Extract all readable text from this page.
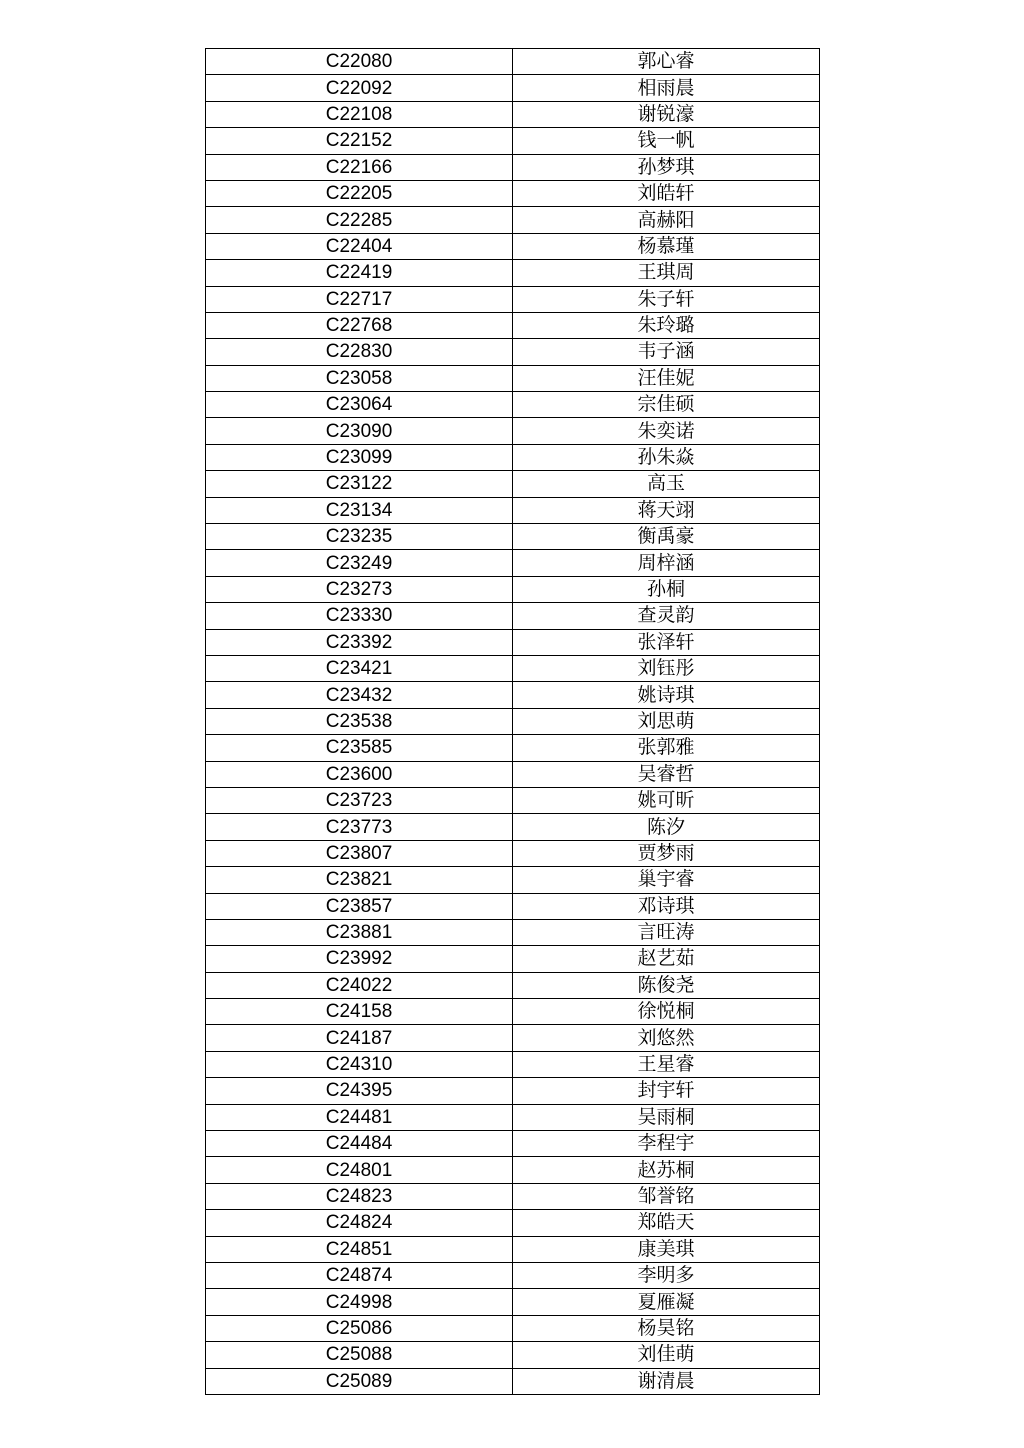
C22080	郭心睿
C22092	相雨晨
C22108	谢锐濠
C22152	钱一帆
C22166	孙梦琪
C22205	刘皓轩
C22285	高赫阳
C22404	杨慕瑾
C22419	王琪周
C22717	朱子轩
C22768	朱玲璐
C22830	韦子涵
C23058	汪佳妮
C23064	宗佳硕
C23090	朱奕诺
C23099	孙朱焱
C23122	高玉
C23134	蒋天翊
C23235	衡禹豪
C23249	周梓涵
C23273	孙桐
C23330	查灵韵
C23392	张泽轩
C23421	刘钰彤
C23432	姚诗琪
C23538	刘思萌
C23585	张郭雅
C23600	吴睿哲
C23723	姚可昕
C23773	陈汐
C23807	贾梦雨
C23821	巢宇睿
C23857	邓诗琪
C23881	言旺涛
C23992	赵艺茹
C24022	陈俊尧
C24158	徐悦桐
C24187	刘悠然
C24310	王星睿
C24395	封宇轩
C24481	吴雨桐
C24484	李程宇
C24801	赵苏桐
C24823	邹誉铭
C24824	郑皓天
C24851	康美琪
C24874	李明多
C24998	夏雁凝
C25086	杨昊铭
C25088	刘佳萌
C25089	谢清晨
